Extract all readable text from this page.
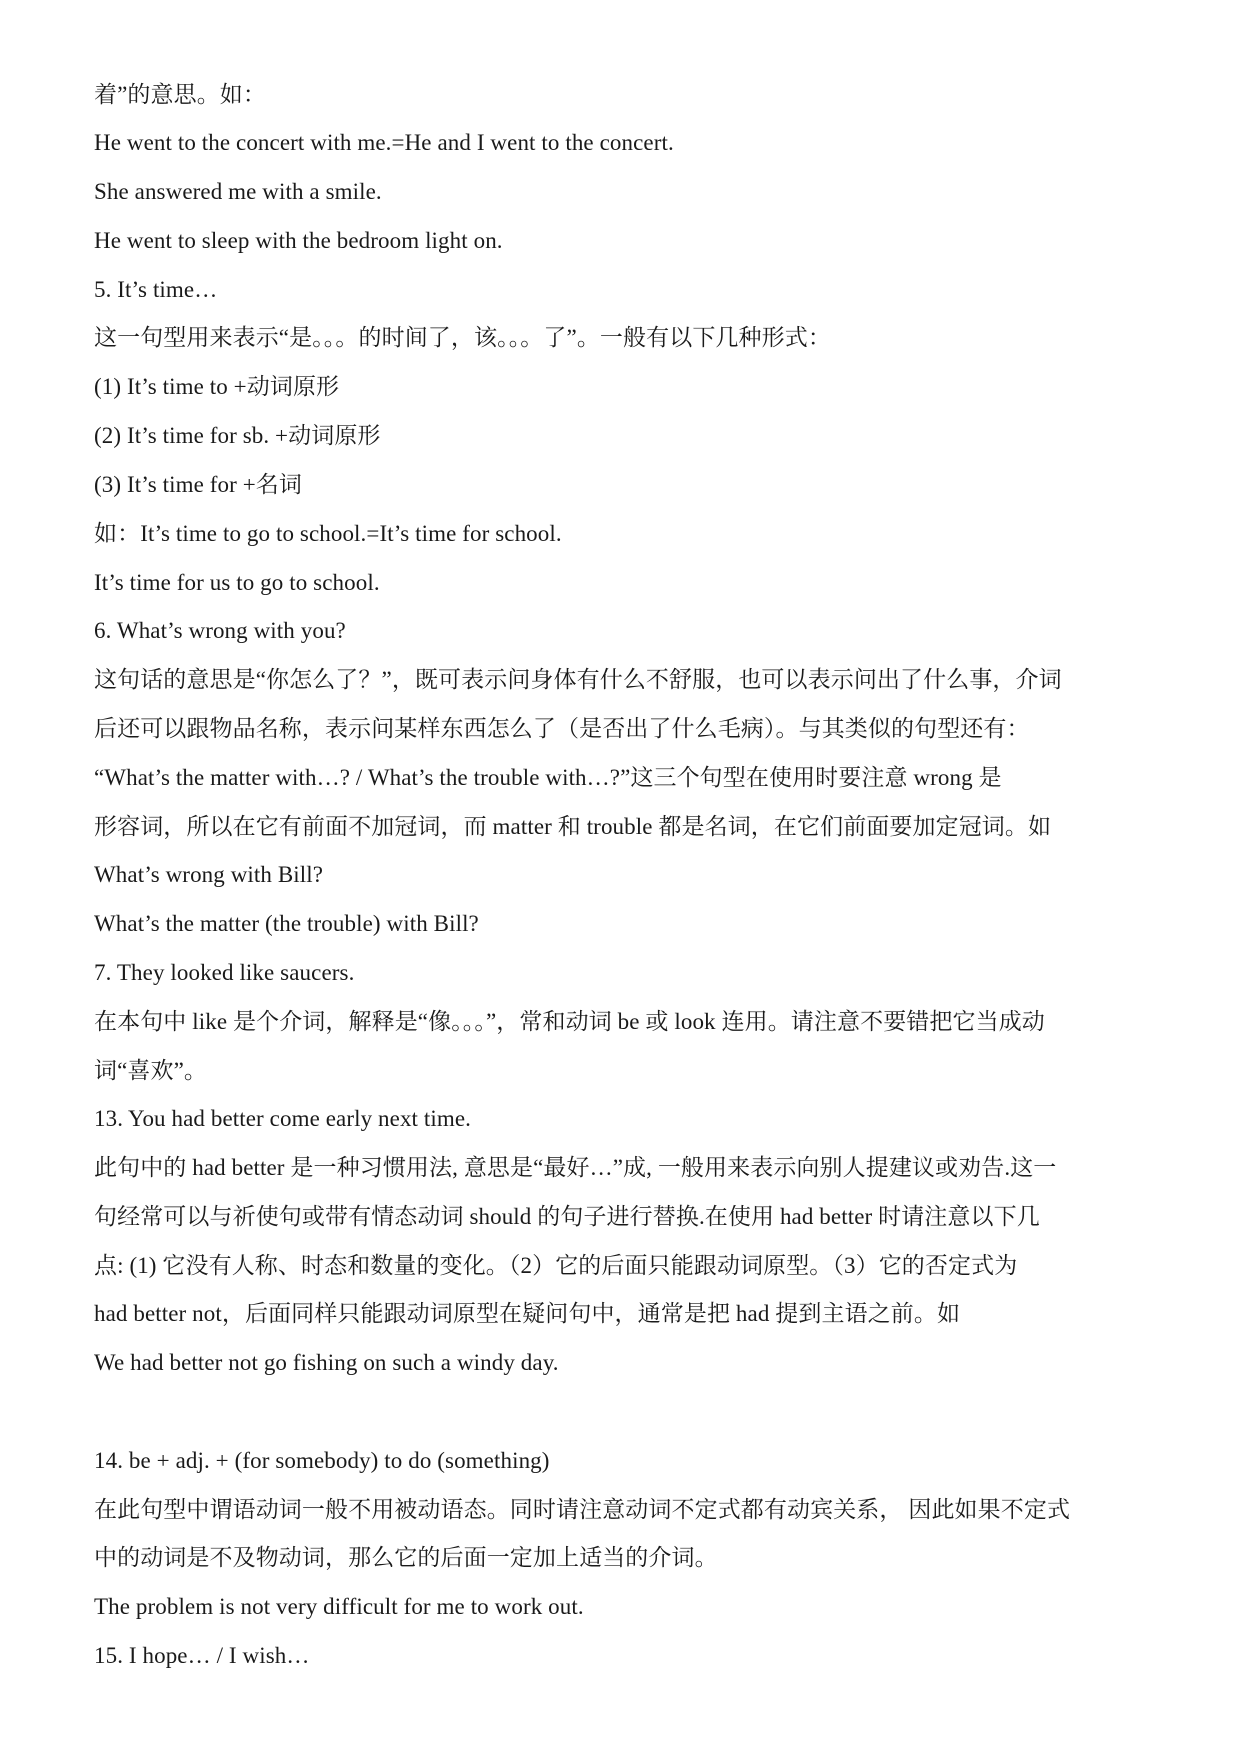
着”的意思。如：
He went to the concert with me.=He and I went to the concert.
She answered me with a smile.
He went to sleep with the bedroom light on.
5. It’s time…
这一句型用来表示“是。。。的时间了，该。。。了”。一般有以下几种形式：
(1) It’s time to +动词原形
(2) It’s time for sb. +动词原形
(3) It’s time for +名词
如：It’s time to go to school.=It’s time for school.
It’s time for us to go to school.
6. What’s wrong with you?
这句话的意思是“你怎么了？”，既可表示问身体有什么不舒服，也可以表示问出了什么事，介词
后还可以跟物品名称，表示问某样东西怎么了（是否出了什么毛病）。与其类似的句型还有：
“What’s the matter with…? / What’s the trouble with…?”这三个句型在使用时要注意 wrong 是
形容词，所以在它有前面不加冠词，而 matter 和 trouble 都是名词，在它们前面要加定冠词。如
What’s wrong with Bill?
What’s the matter (the trouble) with Bill?
7. They looked like saucers.
在本句中 like 是个介词，解释是“像。。。”，常和动词 be 或 look 连用。请注意不要错把它当成动
词“喜欢”。
13. You had better come early next time.
此句中的 had better 是一种习惯用法, 意思是“最好…”成, 一般用来表示向别人提建议或劝告.这一
句经常可以与祈使句或带有情态动词 should 的句子进行替换.在使用 had better 时请注意以下几
点: (1) 它没有人称、时态和数量的变化。（2）它的后面只能跟动词原型。（3）它的否定式为
had better not，后面同样只能跟动词原型在疑问句中，通常是把 had 提到主语之前。如
We had better not go fishing on such a windy day.
14. be + adj. + (for somebody) to do (something)
在此句型中谓语动词一般不用被动语态。同时请注意动词不定式都有动宾关系， 因此如果不定式
中的动词是不及物动词，那么它的后面一定加上适当的介词。
The problem is not very difficult for me to work out.
15. I hope… / I wish…
